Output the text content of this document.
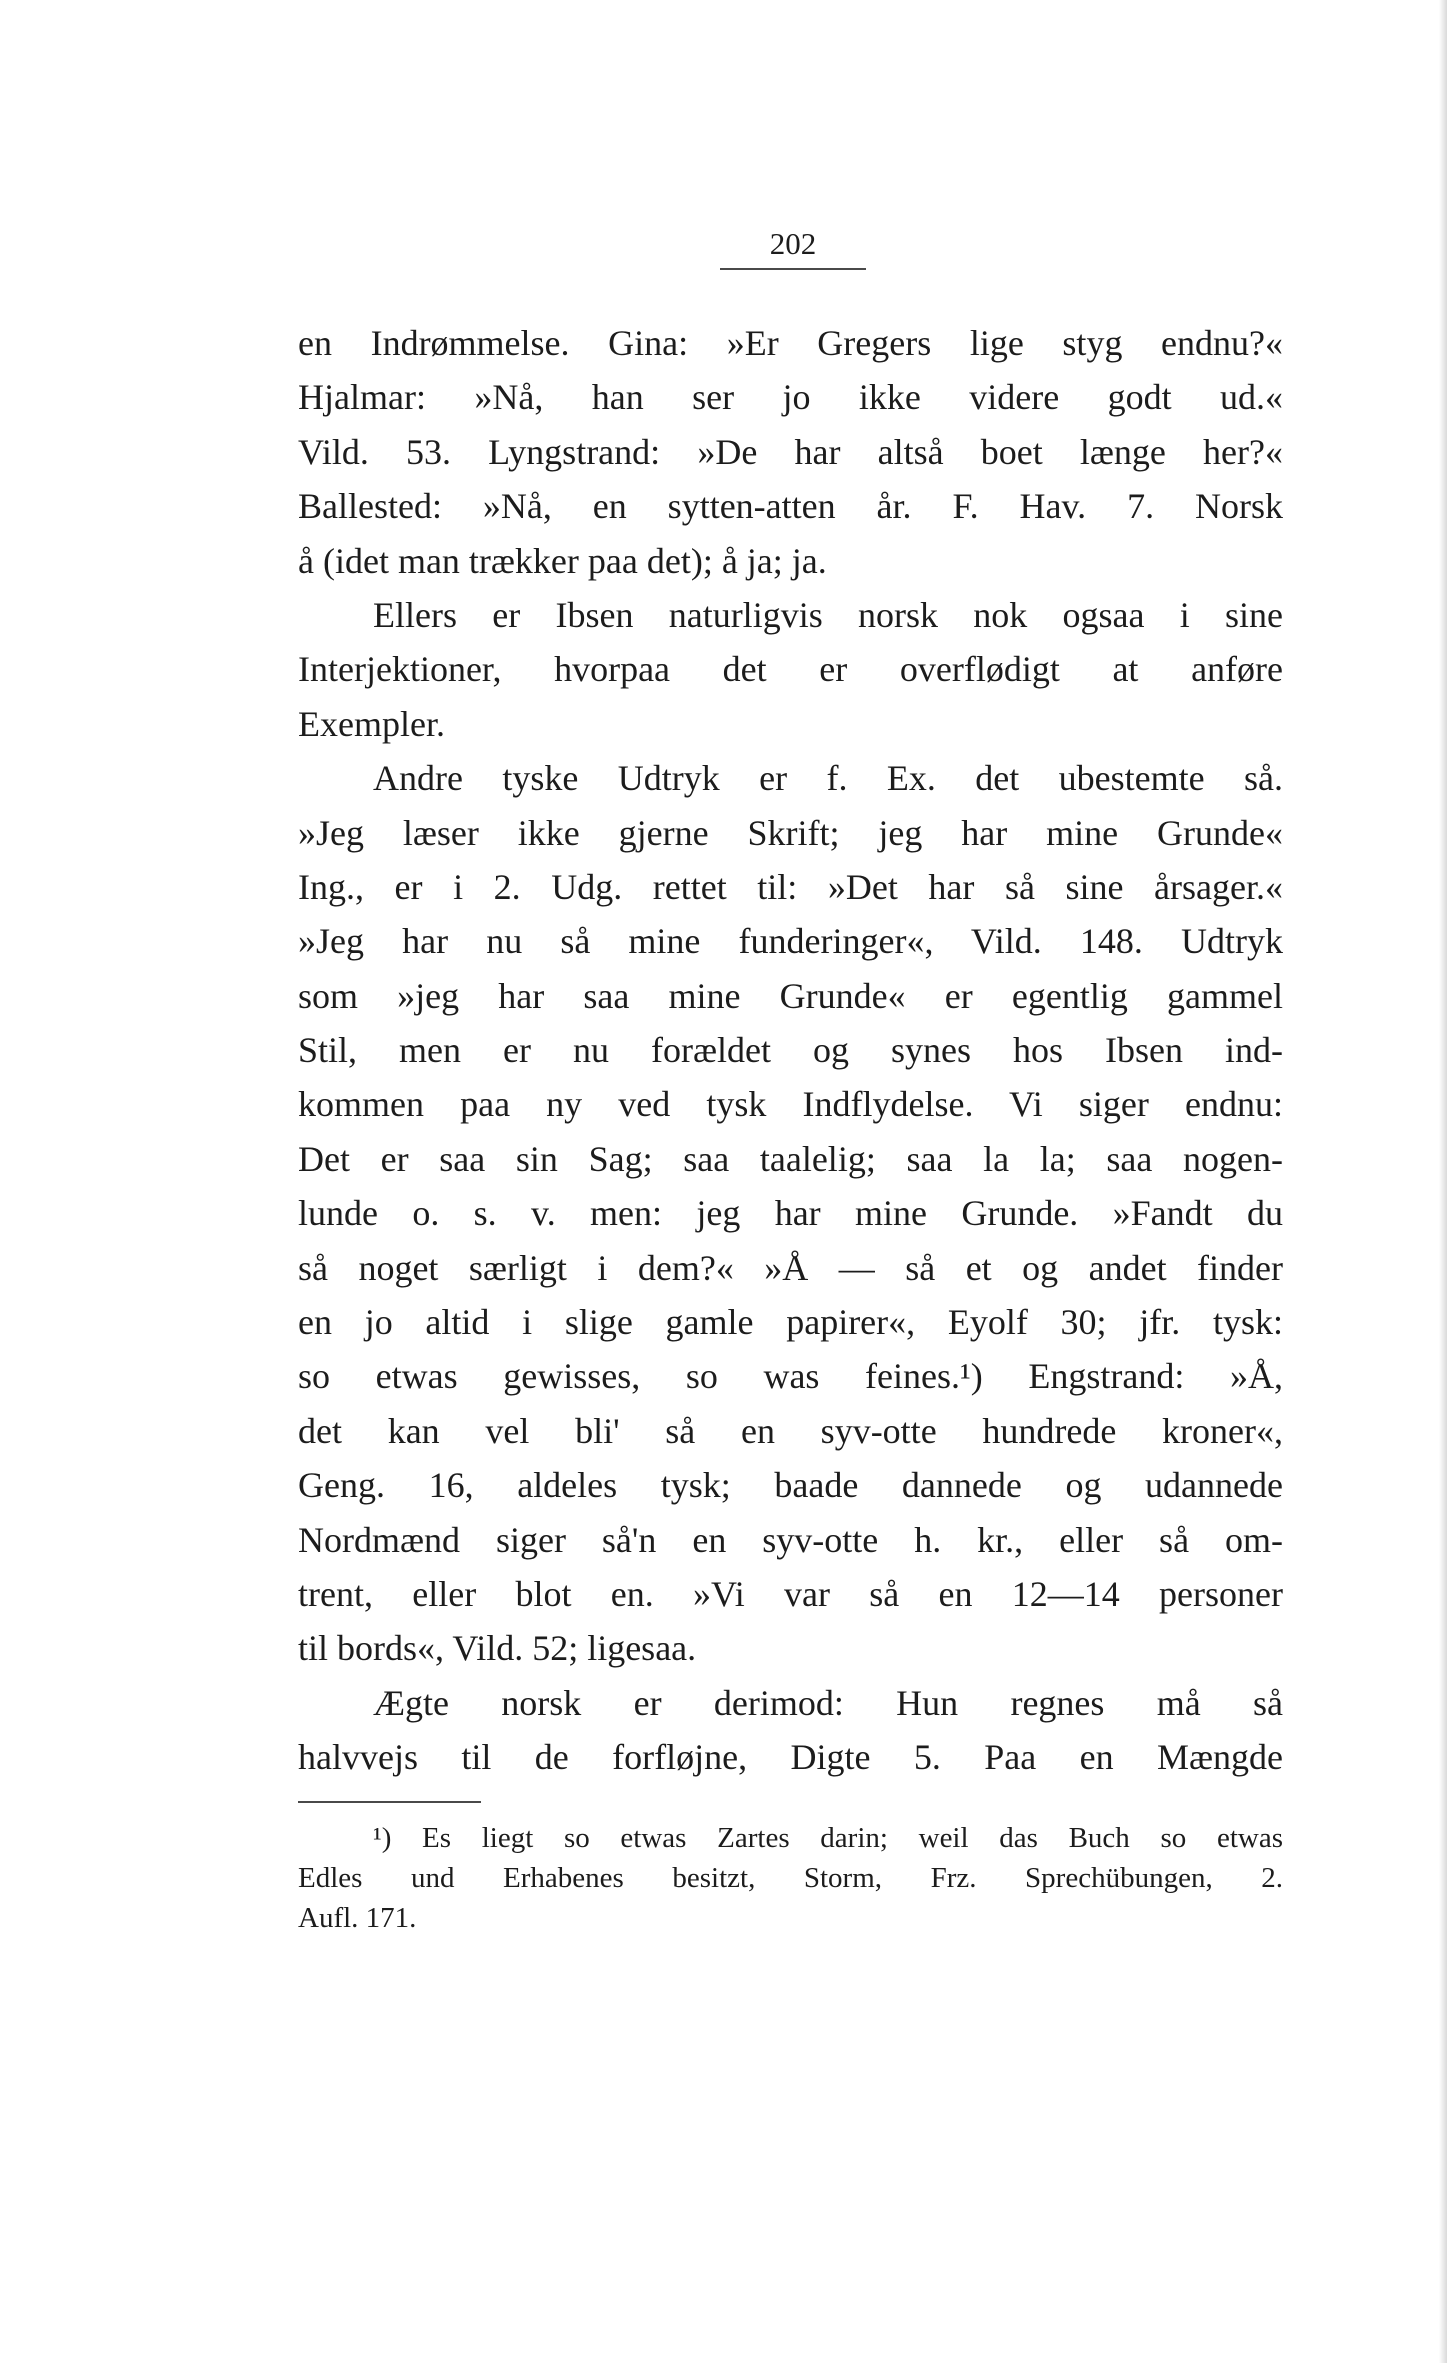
202
en Indrømmelse. Gina: »Er Gregers lige styg endnu?«
Hjalmar: »Nå, han ser jo ikke videre godt ud.«
Vild. 53. Lyngstrand: »De har altså boet længe her?«
Ballested: »Nå, en sytten-atten år. F. Hav. 7. Norsk
å (idet man trækker paa det); å ja; ja.
Ellers er Ibsen naturligvis norsk nok ogsaa i sine
Interjektioner, hvorpaa det er overflødigt at anføre
Exempler.
Andre tyske Udtryk er f. Ex. det ubestemte så.
»Jeg læser ikke gjerne Skrift; jeg har mine Grunde«
Ing., er i 2. Udg. rettet til: »Det har så sine årsager.«
»Jeg har nu så mine funderinger«, Vild. 148. Udtryk
som »jeg har saa mine Grunde« er egentlig gammel
Stil, men er nu forældet og synes hos Ibsen ind-
kommen paa ny ved tysk Indflydelse. Vi siger endnu:
Det er saa sin Sag; saa taalelig; saa la la; saa nogen-
lunde o. s. v. men: jeg har mine Grunde. »Fandt du
så noget særligt i dem?« »Å — så et og andet finder
en jo altid i slige gamle papirer«, Eyolf 30; jfr. tysk:
so etwas gewisses, so was feines.¹) Engstrand: »Å,
det kan vel bli' så en syv-otte hundrede kroner«,
Geng. 16, aldeles tysk; baade dannede og udannede
Nordmænd siger så'n en syv-otte h. kr., eller så om-
trent, eller blot en. »Vi var så en 12—14 personer
til bords«, Vild. 52; ligesaa.
Ægte norsk er derimod: Hun regnes må så
halvvejs til de forfløjne, Digte 5. Paa en Mængde
¹) Es liegt so etwas Zartes darin; weil das Buch so etwas
Edles und Erhabenes besitzt, Storm, Frz. Sprechübungen, 2.
Aufl. 171.
